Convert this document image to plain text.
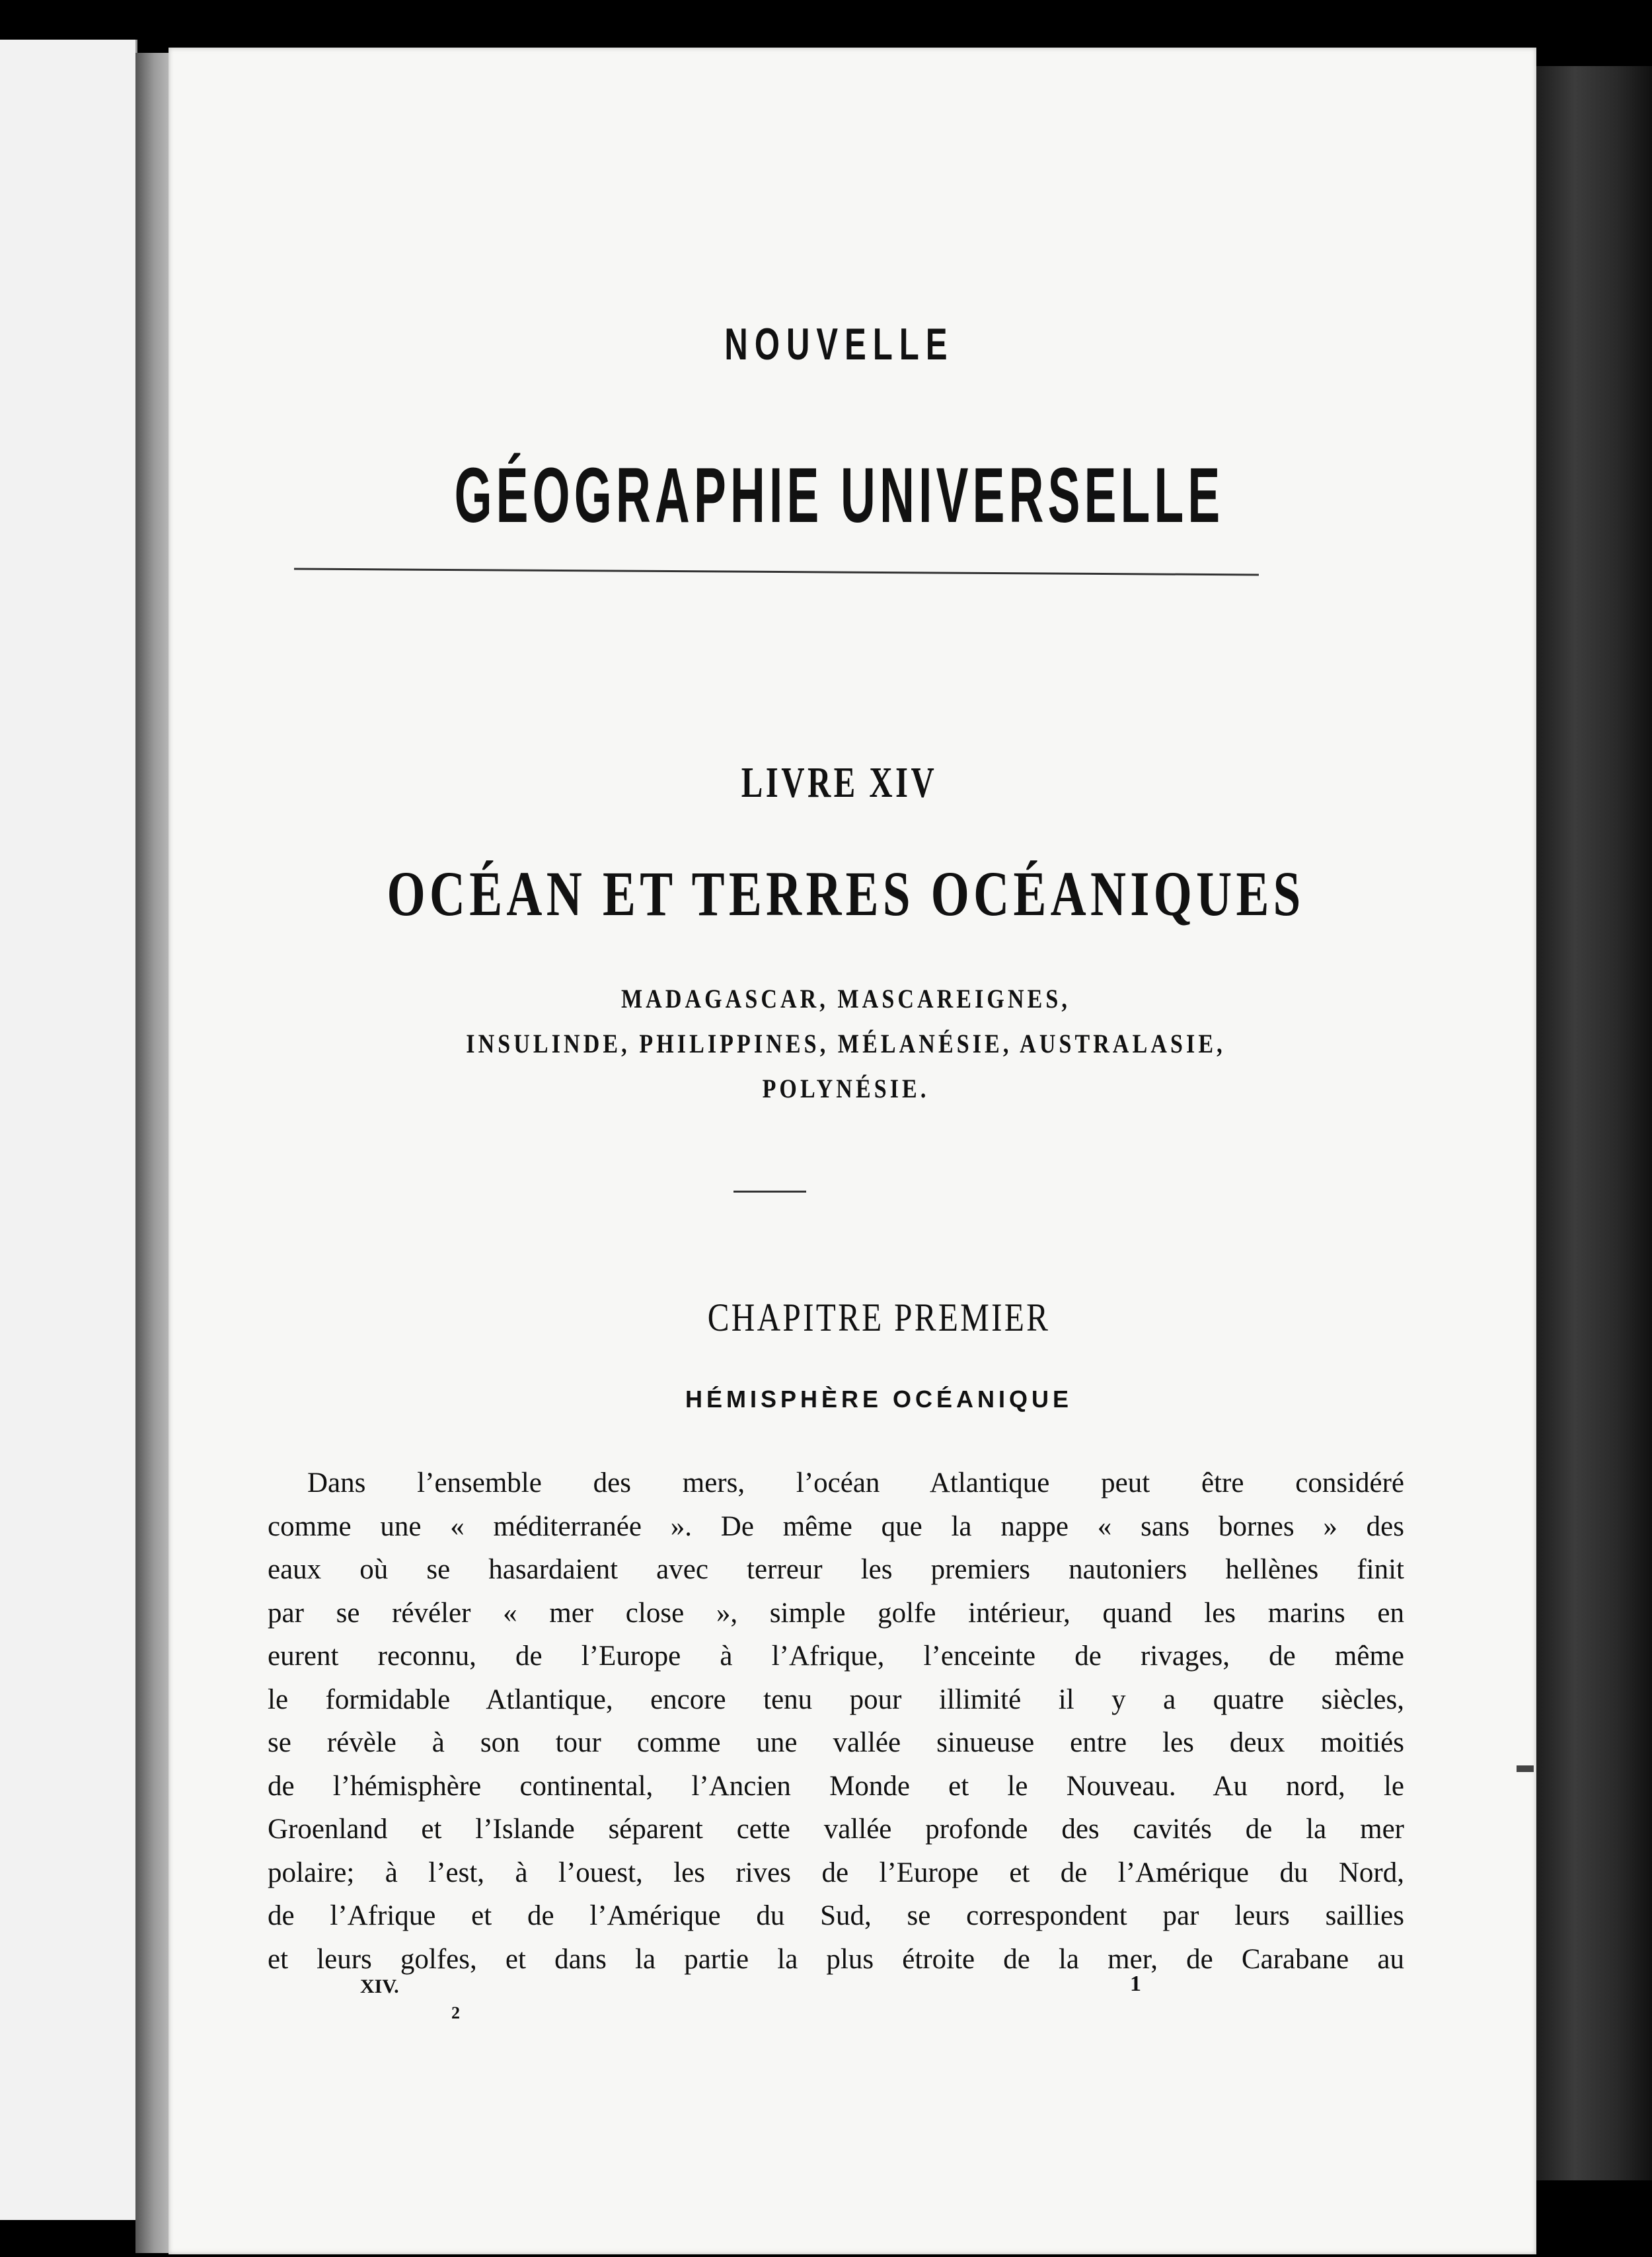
NOUVELLE
GÉOGRAPHIE UNIVERSELLE
LIVRE XIV
OCÉAN ET TERRES OCÉANIQUES
MADAGASCAR, MASCAREIGNES,
INSULINDE, PHILIPPINES, MÉLANÉSIE, AUSTRALASIE,
POLYNÉSIE.
CHAPITRE PREMIER
HÉMISPHÈRE OCÉANIQUE
Dans l’ensemble des mers, l’océan Atlantique peut être considéré
comme une « méditerranée ». De même que la nappe « sans bornes » des
eaux où se hasardaient avec terreur les premiers nautoniers hellènes finit
par se révéler « mer close », simple golfe intérieur, quand les marins en
eurent reconnu, de l’Europe à l’Afrique, l’enceinte de rivages, de même
le formidable Atlantique, encore tenu pour illimité il y a quatre siècles,
se révèle à son tour comme une vallée sinueuse entre les deux moitiés
de l’hémisphère continental, l’Ancien Monde et le Nouveau. Au nord, le
Groenland et l’Islande séparent cette vallée profonde des cavités de la mer
polaire; à l’est, à l’ouest, les rives de l’Europe et de l’Amérique du Nord,
de l’Afrique et de l’Amérique du Sud, se correspondent par leurs saillies
et leurs golfes, et dans la partie la plus étroite de la mer, de Carabane au
XIV.
2
1
